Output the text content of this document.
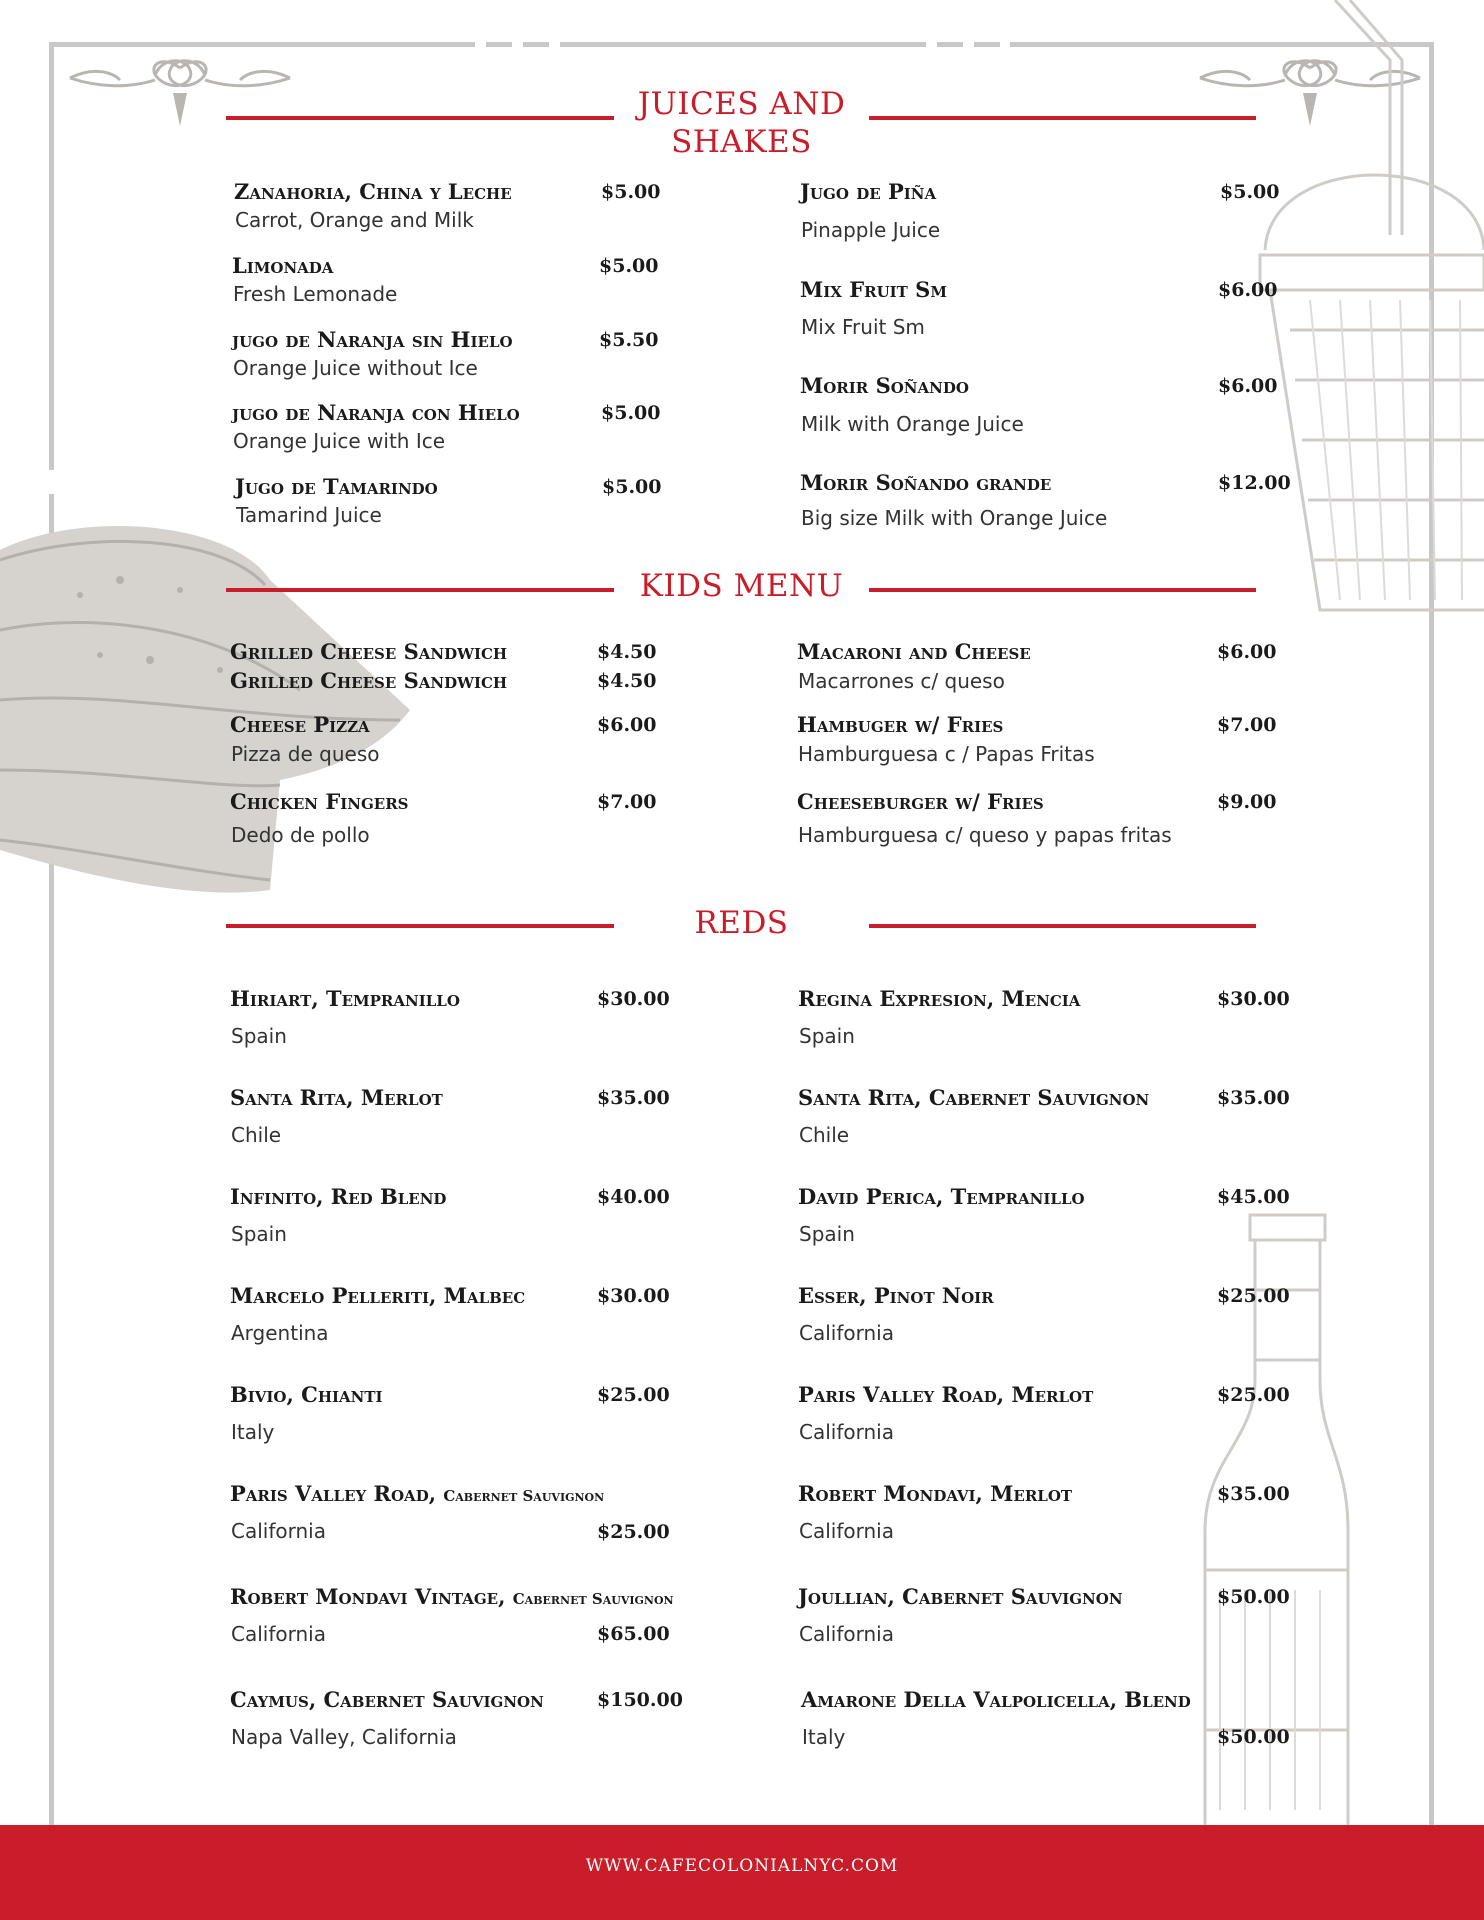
JUICES AND SHAKES
Zanahoria, China y Leche	$5.00
Carrot, Orange and Milk
Limonada	$5.00
Fresh Lemonade
jugo de Naranja sin Hielo	$5.50
Orange Juice without Ice
jugo de Naranja con Hielo	$5.00
Orange Juice with Ice
Jugo de Tamarindo	$5.00
Tamarind Juice
Jugo de Piña	$5.00
Pinapple Juice
Mix Fruit Sm	$6.00
Mix Fruit Sm
Morir Soñando	$6.00
Milk with Orange Juice
Morir Soñando grande	$12.00
Big size Milk with Orange Juice
KIDS MENU
Grilled Cheese Sandwich	$4.50
Grilled Cheese Sandwich	$4.50
Cheese Pizza	$6.00
Pizza de queso
Chicken Fingers	$7.00
Dedo de pollo
Macaroni and Cheese	$6.00
Macarrones c/ queso
Hambuger w/ Fries	$7.00
Hamburguesa c / Papas Fritas
Cheeseburger w/ Fries	$9.00
Hamburguesa c/ queso y papas fritas
REDS
Hiriart, Tempranillo	$30.00
Spain
Santa Rita, Merlot	$35.00
Chile
Infinito, Red Blend	$40.00
Spain
Marcelo Pelleriti, Malbec	$30.00
Argentina
Bivio, Chianti	$25.00
Italy
Paris Valley Road, Cabernet Sauvignon
$25.00
California
Robert Mondavi Vintage, Cabernet Sauvignon
$65.00
California
Caymus, Cabernet Sauvignon	$150.00
Napa Valley, California
Regina Expresion, Mencia	$30.00
Spain
Santa Rita, Cabernet Sauvignon	$35.00
Chile
David Perica, Tempranillo	$45.00
Spain
Esser, Pinot Noir	$25.00
California
Paris Valley Road, Merlot	$25.00
California
Robert Mondavi, Merlot	$35.00
California
Joullian, Cabernet Sauvignon	$50.00
California
Amarone Della Valpolicella, Blend
$50.00
Italy
WWW.CAFECOLONIALNYC.COM
